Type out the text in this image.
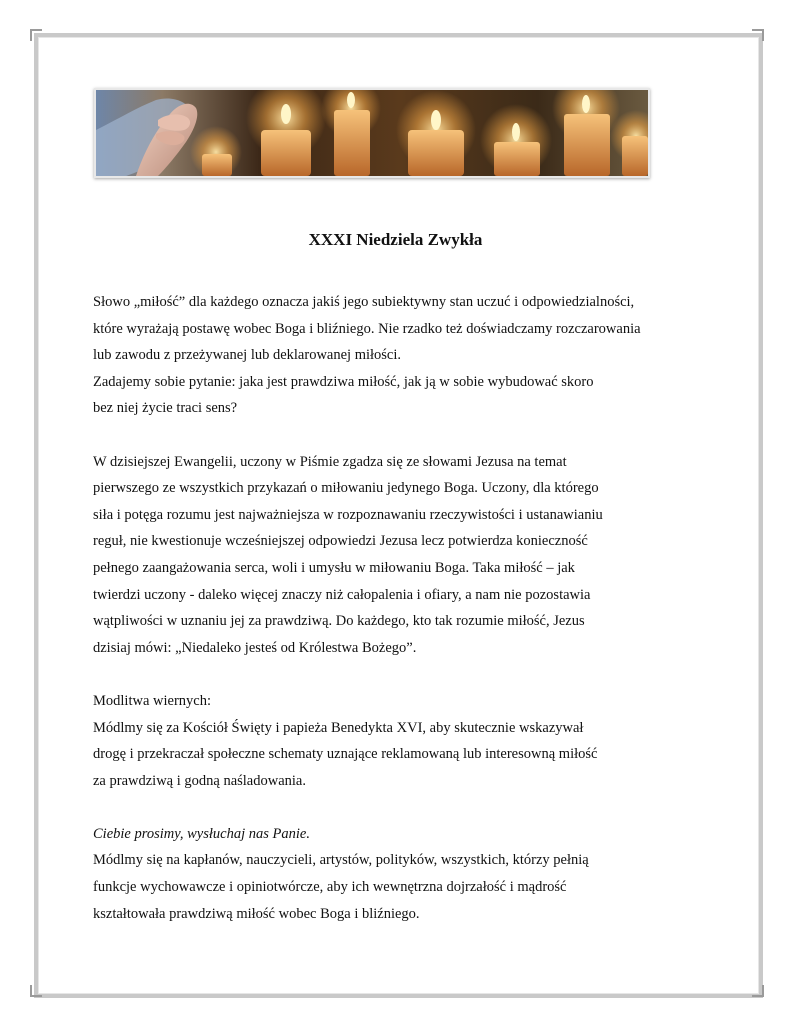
XXXI Niedziela Zwykła
Słowo „miłość” dla każdego oznacza jakiś jego subiektywny stan uczuć i odpowiedzialności,
które wyrażają postawę wobec Boga i bliźniego. Nie rzadko też doświadczamy rozczarowania
lub zawodu z przeżywanej lub deklarowanej miłości.
Zadajemy sobie pytanie: jaka jest prawdziwa miłość, jak ją w sobie wybudować skoro
bez niej życie traci sens?
W dzisiejszej Ewangelii, uczony w Piśmie zgadza się ze słowami Jezusa na temat
pierwszego ze wszystkich przykazań o miłowaniu jedynego Boga. Uczony, dla którego
siła i potęga rozumu jest najważniejsza w rozpoznawaniu rzeczywistości i ustanawianiu
reguł, nie kwestionuje wcześniejszej odpowiedzi Jezusa lecz potwierdza konieczność
pełnego zaangażowania serca, woli i umysłu w miłowaniu Boga. Taka miłość – jak
twierdzi uczony - daleko więcej znaczy niż całopalenia i ofiary, a nam nie pozostawia
wątpliwości w uznaniu jej za prawdziwą. Do każdego, kto tak rozumie miłość, Jezus
dzisiaj mówi: „Niedaleko jesteś od Królestwa Bożego”.
Modlitwa wiernych:
Módlmy się za Kościół Święty i papieża Benedykta XVI, aby skutecznie wskazywał
drogę i przekraczał społeczne schematy uznające reklamowaną lub interesowną miłość
za prawdziwą i godną naśladowania.
Ciebie prosimy, wysłuchaj nas Panie.
Módlmy się na kapłanów, nauczycieli, artystów, polityków, wszystkich, którzy pełnią
funkcje wychowawcze i opiniotwórcze, aby ich wewnętrzna dojrzałość i mądrość
kształtowała prawdziwą miłość wobec Boga i bliźniego.
